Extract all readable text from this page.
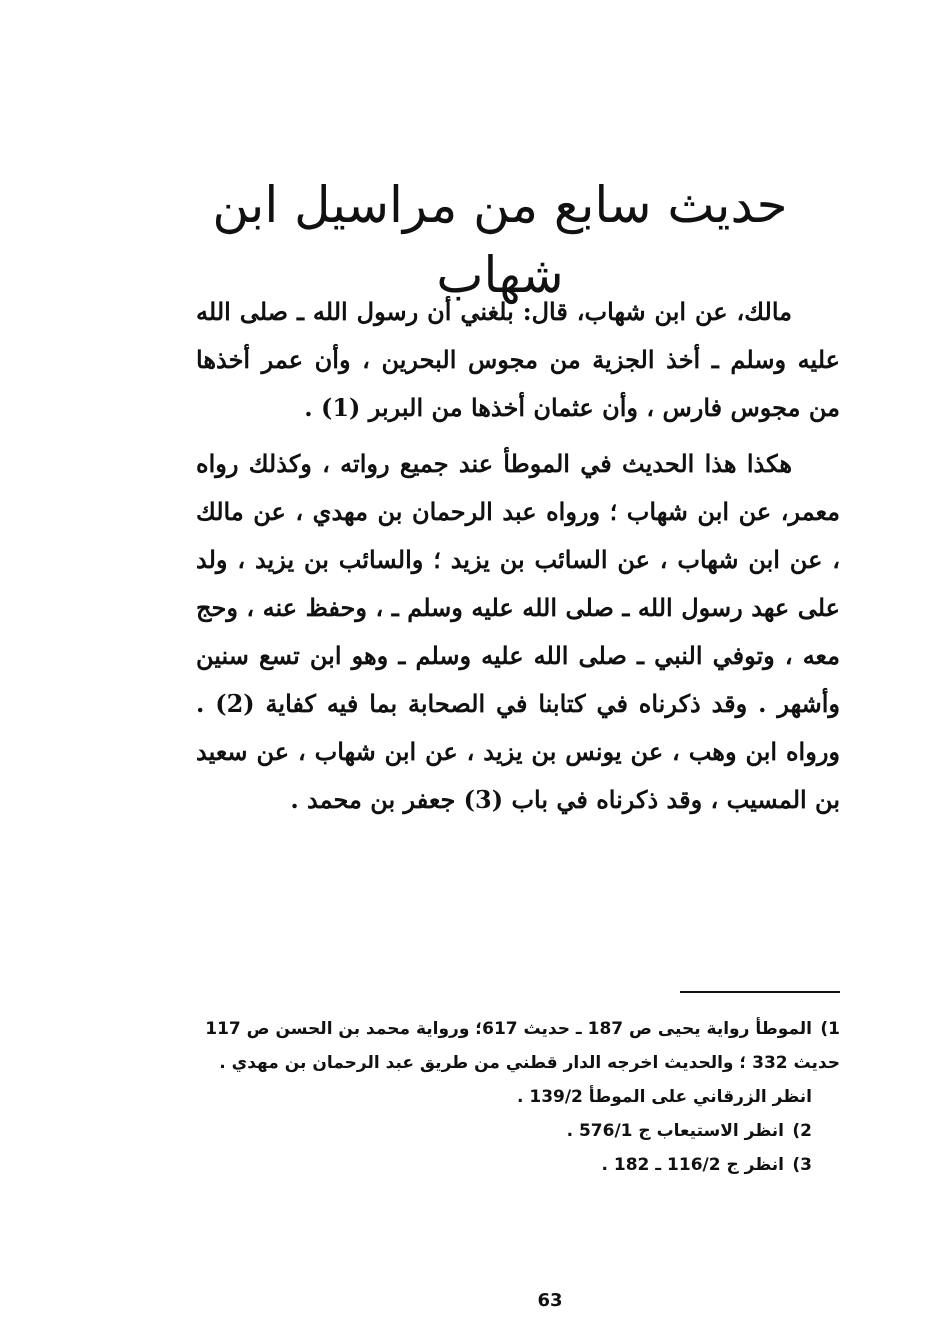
حديث سابع من مراسيل ابن شهاب

مالك، عن ابن شهاب، قال: بلغني أن رسول الله ـ صلى الله عليه وسلم ـ أخذ الجزية من مجوس البحرين ، وأن عمر أخذها من مجوس فارس ، وأن عثمان أخذها من البربر (1) .

هكذا هذا الحديث في الموطأ عند جميع رواته ، وكذلك رواه معمر، عن ابن شهاب ؛ ورواه عبد الرحمان بن مهدي ، عن مالك ، عن ابن شهاب ، عن السائب بن يزيد ؛ والسائب بن يزيد ، ولد على عهد رسول الله ـ صلى الله عليه وسلم ـ ، وحفظ عنه ، وحج معه ، وتوفي النبي ـ صلى الله عليه وسلم ـ وهو ابن تسع سنين وأشهر . وقد ذكرناه في كتابنا في الصحابة بما فيه كفاية (2) . ورواه ابن وهب ، عن يونس بن يزيد ، عن ابن شهاب ، عن سعيد بن المسيب ، وقد ذكرناه في باب (3) جعفر بن محمد .

1)الموطأ رواية يحيى ص 187 ـ حديث 617؛ ورواية محمد بن الحسن ص 117 حديث 332 ؛ والحديث اخرجه الدار قطني من طريق عبد الرحمان بن مهدي .

انظر الزرقاني على الموطأ 139/2 .

2)انظر الاستيعاب ج 576/1 .

3)انظر ج 116/2 ـ 182 .

63
